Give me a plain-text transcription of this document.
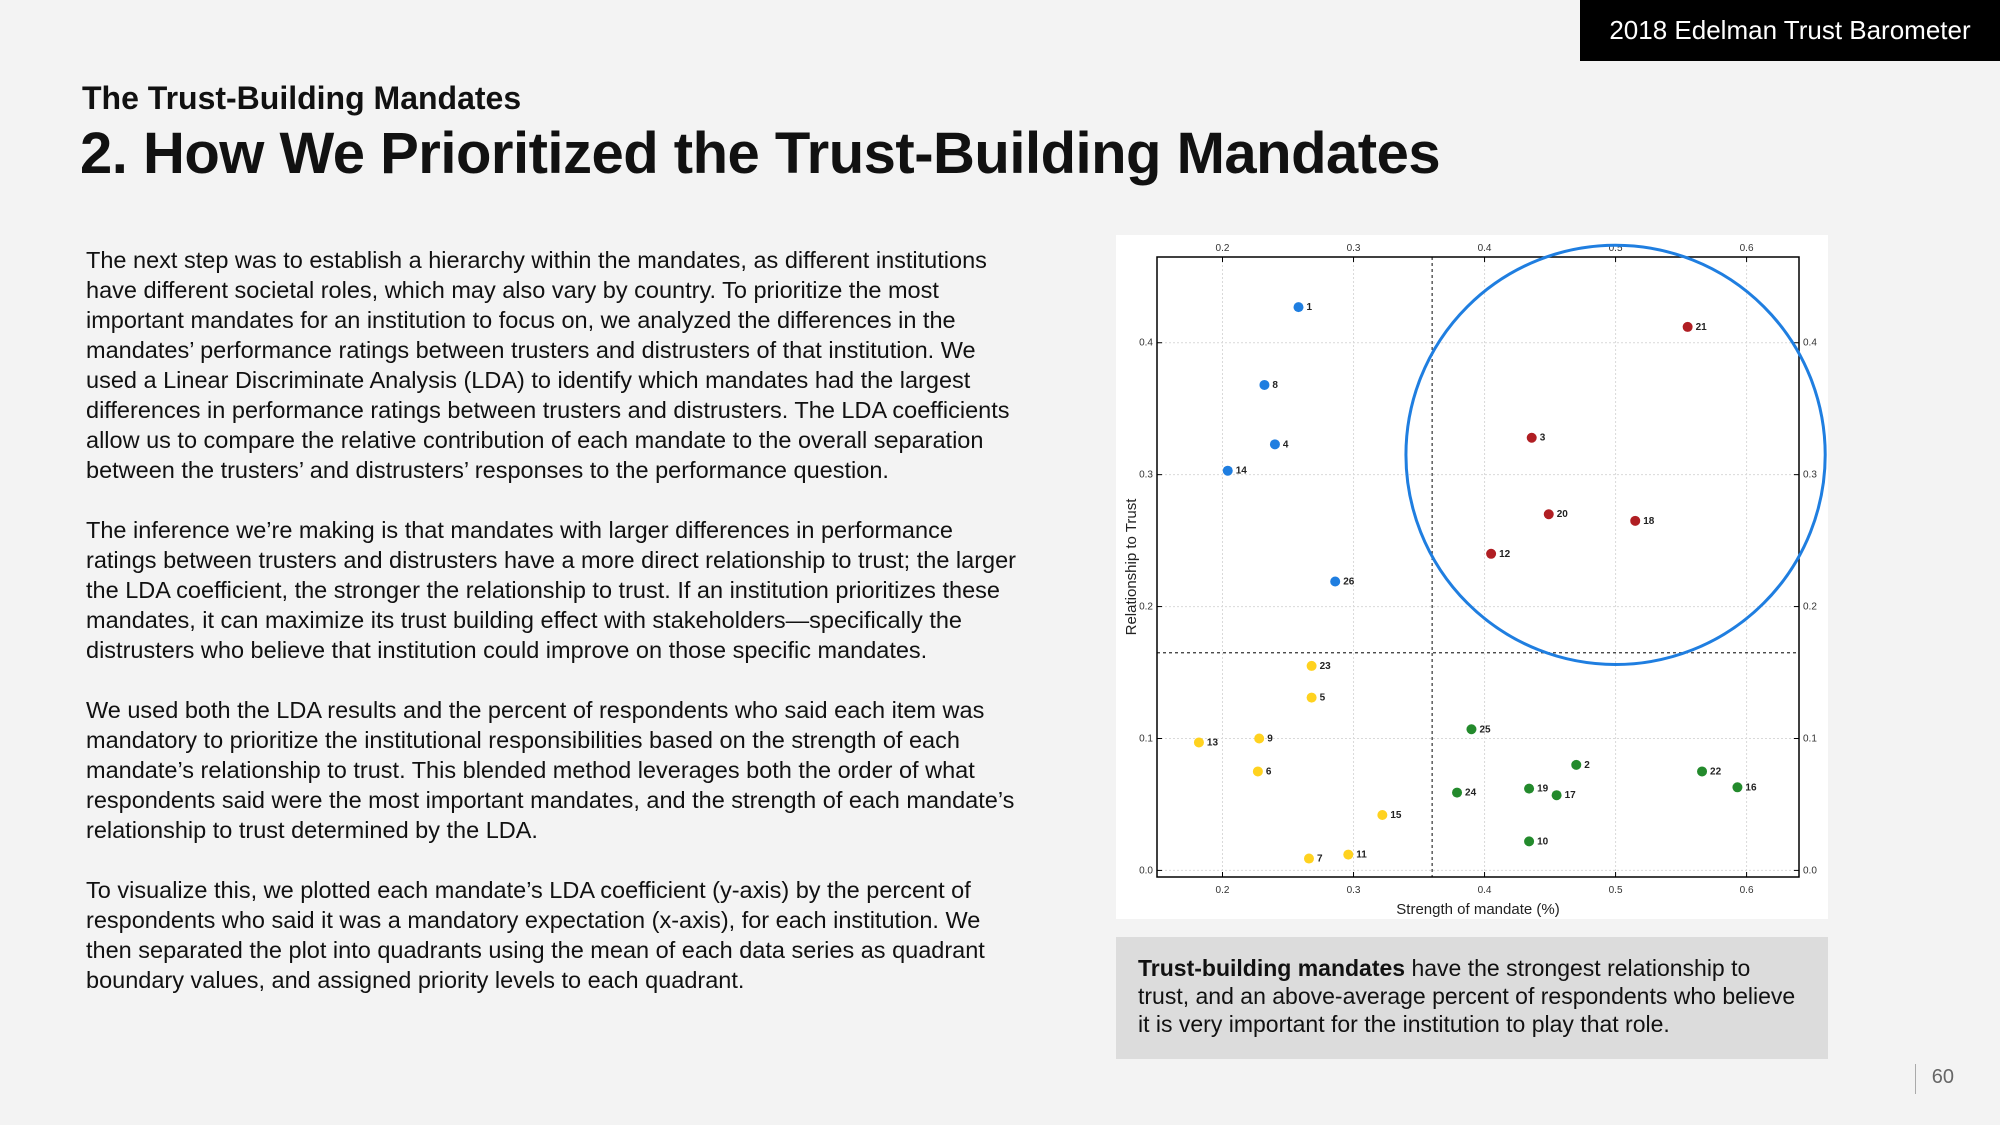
2018 Edelman Trust Barometer
The Trust-Building Mandates
2. How We Prioritized the Trust-Building Mandates

The next step was to establish a hierarchy within the mandates, as different institutions have different societal roles, which may also vary by country. To prioritize the most important mandates for an institution to focus on, we analyzed the differences in the mandates’ performance ratings between trusters and distrusters of that institution. We used a Linear Discriminate Analysis (LDA) to identify which mandates had the largest differences in performance ratings between trusters and distrusters. The LDA coefficients allow us to compare the relative contribution of each mandate to the overall separation between the trusters’ and distrusters’ responses to the performance question.

The inference we’re making is that mandates with larger differences in performance ratings between trusters and distrusters have a more direct relationship to trust; the larger the LDA coefficient, the stronger the relationship to trust. If an institution prioritizes these mandates, it can maximize its trust building effect with stakeholders—specifically the distrusters who believe that institution could improve on those specific mandates.

We used both the LDA results and the percent of respondents who said each item was mandatory to prioritize the institutional responsibilities based on the strength of each mandate’s relationship to trust. This blended method leverages both the order of what respondents said were the most important mandates, and the strength of each mandate’s relationship to trust determined by the LDA.

To visualize this, we plotted each mandate’s LDA coefficient (y-axis) by the percent of respondents who said it was a mandatory expectation (x-axis), for each institution. We then separated the plot into quadrants using the mean of each data series as quadrant boundary values, and assigned priority levels to each quadrant.

0.2
0.2
0.3
0.3
0.4
0.4
0.5
0.5
0.6
0.6
0.0	0.0
0.1	0.1
0.2	0.2
0.3	0.3
0.4	0.4
1
8
4
14
26
21
3
20
18
12
23
5
13	9
6
15
7	11
25
2
22
16
24	19
17
10
Strength of mandate (%)
Relationship to Trust
Trust-building mandates have the strongest relationship to trust, and an above-average percent of respondents who believe it is very important for the institution to play that role.
60
